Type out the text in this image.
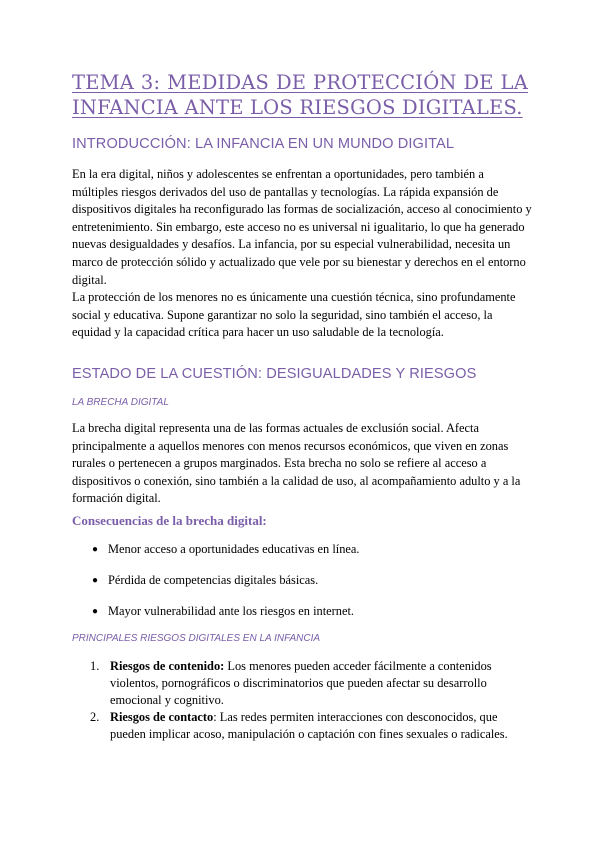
TEMA 3: MEDIDAS DE PROTECCIÓN DE LA INFANCIA ANTE LOS RIESGOS DIGITALES.
INTRODUCCIÓN: LA INFANCIA EN UN MUNDO DIGITAL

En la era digital, niños y adolescentes se enfrentan a oportunidades, pero también a múltiples riesgos derivados del uso de pantallas y tecnologías. La rápida expansión de dispositivos digitales ha reconfigurado las formas de socialización, acceso al conocimiento y entretenimiento. Sin embargo, este acceso no es universal ni igualitario, lo que ha generado nuevas desigualdades y desafíos. La infancia, por su especial vulnerabilidad, necesita un marco de protección sólido y actualizado que vele por su bienestar y derechos en el entorno digital.

La protección de los menores no es únicamente una cuestión técnica, sino profundamente social y educativa. Supone garantizar no solo la seguridad, sino también el acceso, la equidad y la capacidad crítica para hacer un uso saludable de la tecnología.

ESTADO DE LA CUESTIÓN: DESIGUALDADES Y RIESGOS
LA BRECHA DIGITAL

La brecha digital representa una de las formas actuales de exclusión social. Afecta principalmente a aquellos menores con menos recursos económicos, que viven en zonas rurales o pertenecen a grupos marginados. Esta brecha no solo se refiere al acceso a dispositivos o conexión, sino también a la calidad de uso, al acompañamiento adulto y a la formación digital.

Consecuencias de la brecha digital:
● Menor acceso a oportunidades educativas en línea.
● Pérdida de competencias digitales básicas.
● Mayor vulnerabilidad ante los riesgos en internet.
PRINCIPALES RIESGOS DIGITALES EN LA INFANCIA
1. Riesgos de contenido: Los menores pueden acceder fácilmente a contenidos violentos, pornográficos o discriminatorios que pueden afectar su desarrollo emocional y cognitivo.
2. Riesgos de contacto: Las redes permiten interacciones con desconocidos, que pueden implicar acoso, manipulación o captación con fines sexuales o radicales.
